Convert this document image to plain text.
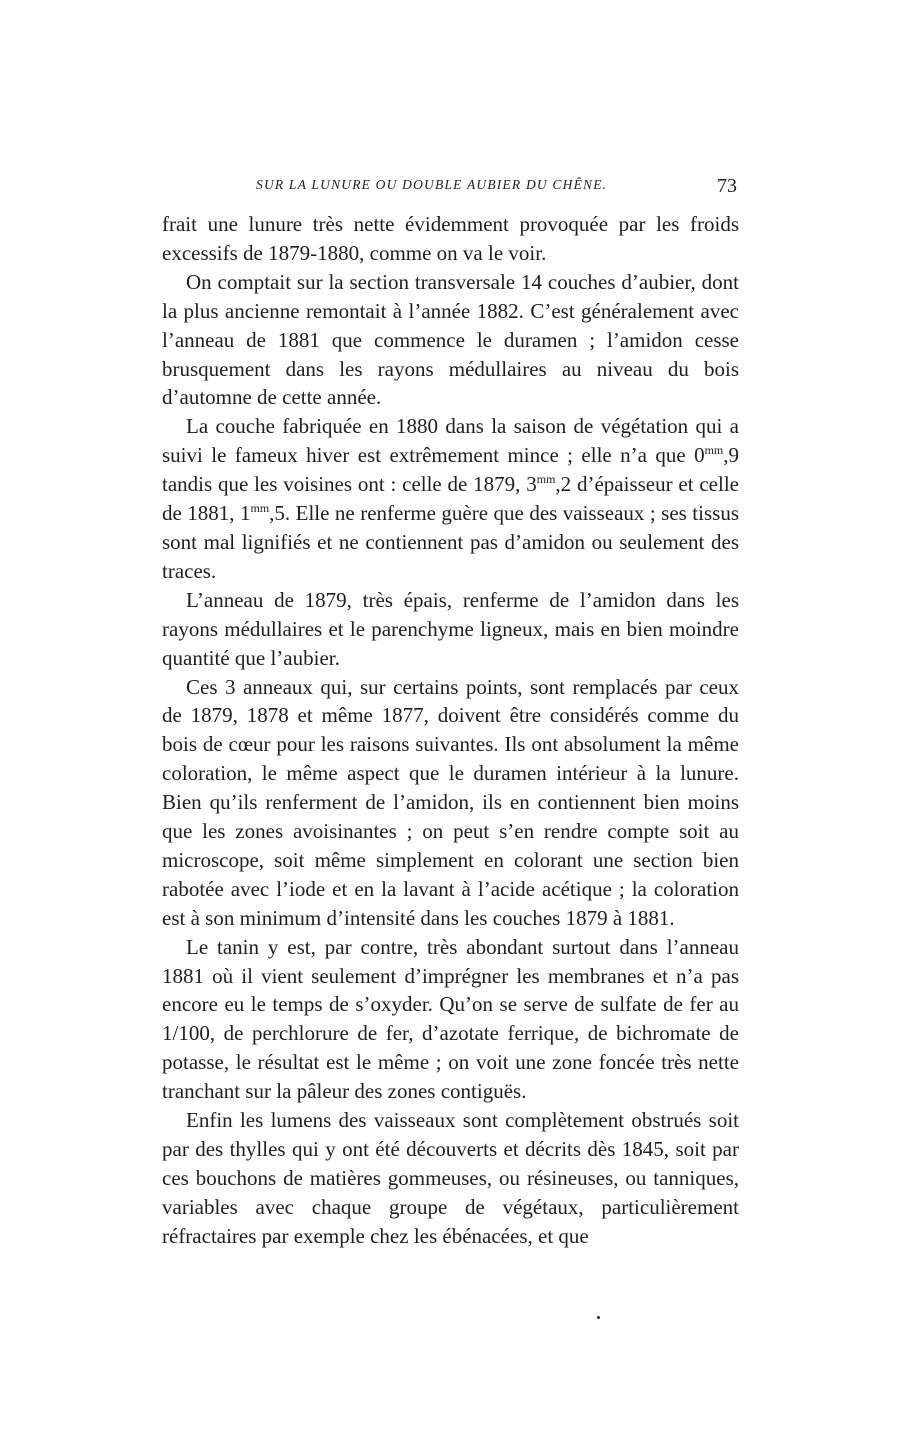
SUR LA LUNURE OU DOUBLE AUBIER DU CHÊNE.	73

frait une lunure très nette évidemment provoquée par les froids excessifs de 1879-1880, comme on va le voir.

On comptait sur la section transversale 14 couches d’aubier, dont la plus ancienne remontait à l’année 1882. C’est généralement avec l’anneau de 1881 que commence le duramen ; l’amidon cesse brusquement dans les rayons médullaires au niveau du bois d’automne de cette année.

La couche fabriquée en 1880 dans la saison de végétation qui a suivi le fameux hiver est extrêmement mince ; elle n’a que $0^{mm},9$ tandis que les voisines ont : celle de 1879, $3^{mm},2$ d’épaisseur et celle de 1881, $1^{mm},5$. Elle ne renferme guère que des vaisseaux ; ses tissus sont mal lignifiés et ne contiennent pas d’amidon ou seulement des traces.

L’anneau de 1879, très épais, renferme de l’amidon dans les rayons médullaires et le parenchyme ligneux, mais en bien moindre quantité que l’aubier.

Ces 3 anneaux qui, sur certains points, sont remplacés par ceux de 1879, 1878 et même 1877, doivent être considérés comme du bois de cœur pour les raisons suivantes. Ils ont absolument la même coloration, le même aspect que le duramen intérieur à la lunure. Bien qu’ils renferment de l’amidon, ils en contiennent bien moins que les zones avoisinantes ; on peut s’en rendre compte soit au microscope, soit même simplement en colorant une section bien rabotée avec l’iode et en la lavant à l’acide acétique ; la coloration est à son minimum d’intensité dans les couches 1879 à 1881.

Le tanin y est, par contre, très abondant surtout dans l’anneau 1881 où il vient seulement d’imprégner les membranes et n’a pas encore eu le temps de s’oxyder. Qu’on se serve de sulfate de fer au 1/100, de perchlorure de fer, d’azotate ferrique, de bichromate de potasse, le résultat est le même ; on voit une zone foncée très nette tranchant sur la pâleur des zones contiguës.

Enfin les lumens des vaisseaux sont complètement obstrués soit par des thylles qui y ont été découverts et décrits dès 1845, soit par ces bouchons de matières gommeuses, ou résineuses, ou tanniques, variables avec chaque groupe de végétaux, particulièrement réfractaires par exemple chez les ébénacées, et que
